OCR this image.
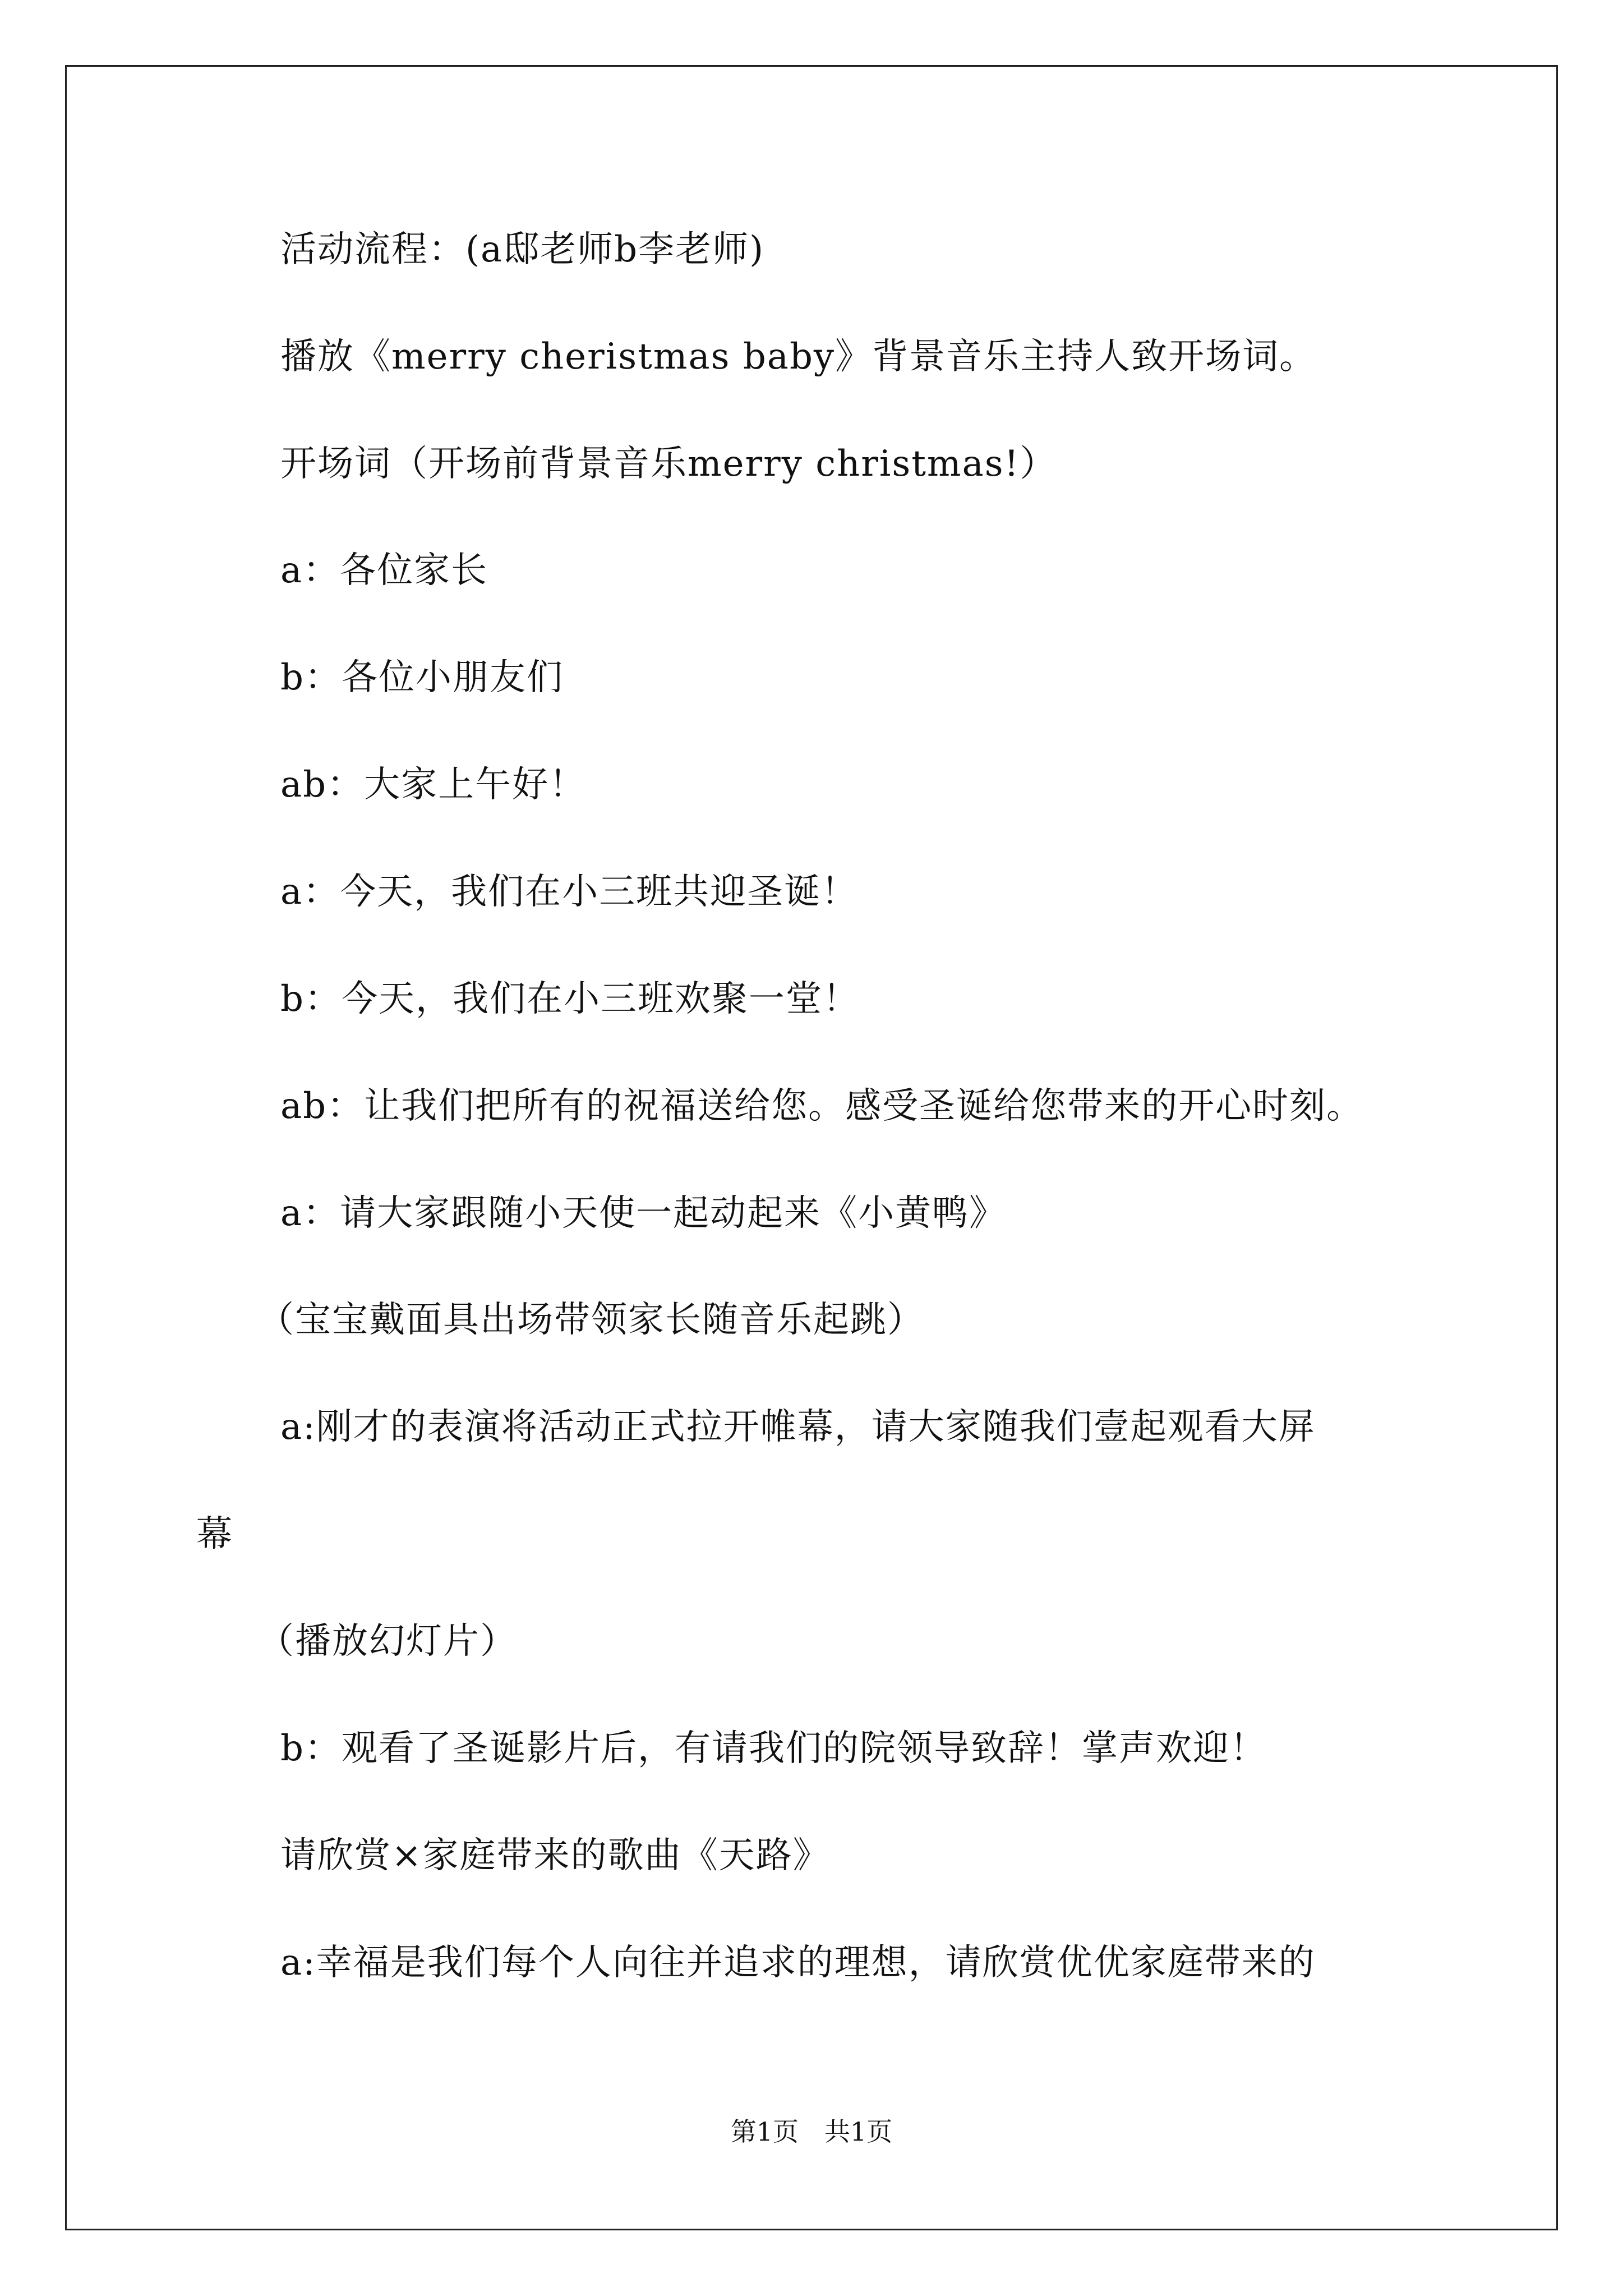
活动流程：(a邸老师b李老师)
播放《merry cheristmas baby》背景音乐主持人致开场词。
开场词（开场前背景音乐merry christmas!）
a：各位家长
b：各位小朋友们
ab：大家上午好！
a：今天，我们在小三班共迎圣诞！
b：今天，我们在小三班欢聚一堂！
ab：让我们把所有的祝福送给您。感受圣诞给您带来的开心时刻。
a：请大家跟随小天使一起动起来《小黄鸭》
（宝宝戴面具出场带领家长随音乐起跳）
a:刚才的表演将活动正式拉开帷幕，请大家随我们壹起观看大屏
幕
（播放幻灯片）
b：观看了圣诞影片后，有请我们的院领导致辞！掌声欢迎！
请欣赏×家庭带来的歌曲《天路》
a:幸福是我们每个人向往并追求的理想，请欣赏优优家庭带来的
第1页　共1页
